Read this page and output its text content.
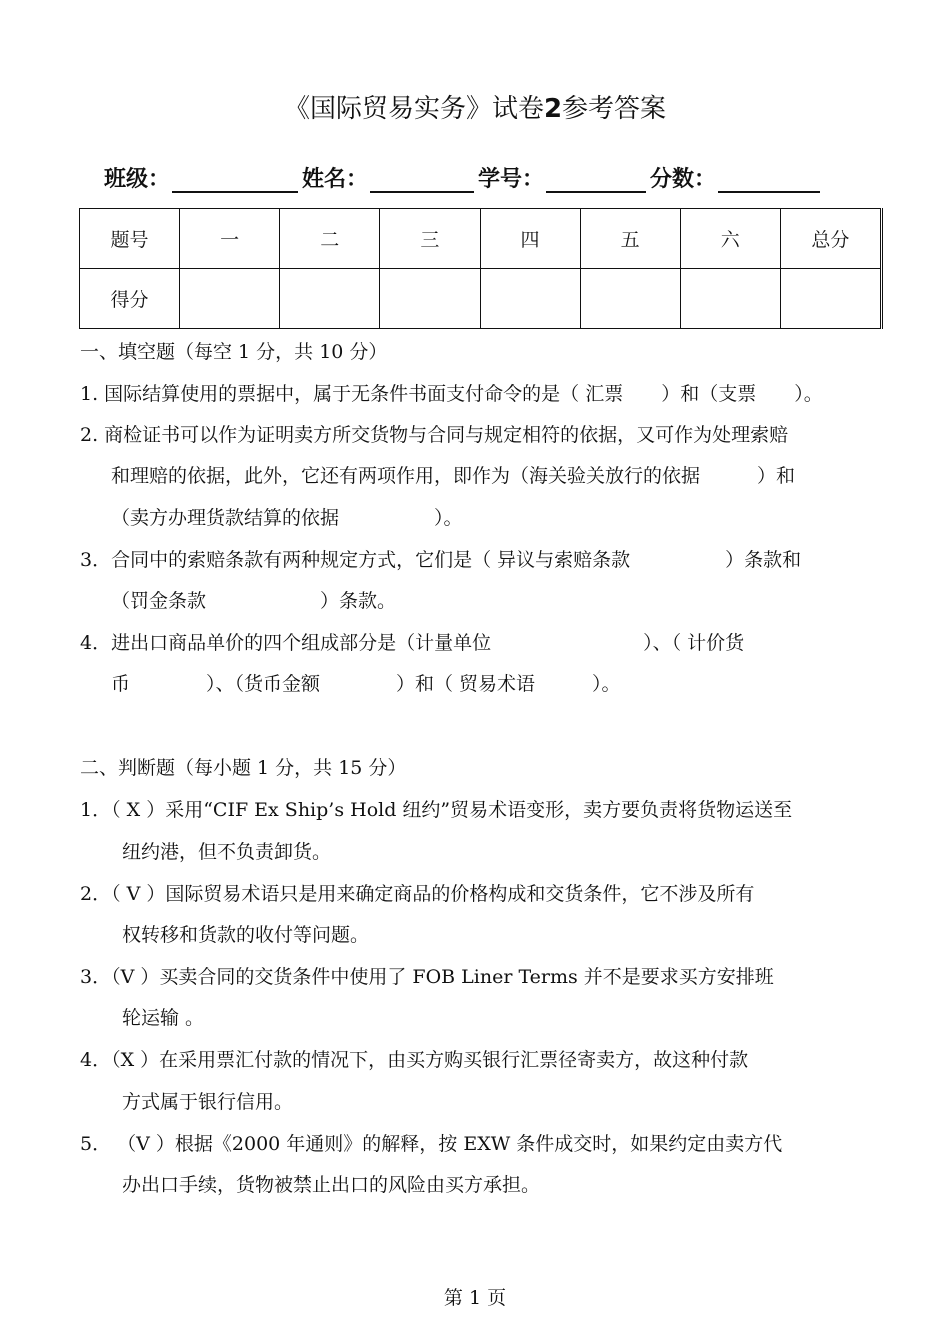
《国际贸易实务》试卷2参考答案
班级：	姓名：	学号：	分数：
题号	一	二	三	四	五	六	总分
得分							
一、填空题（每空 1 分，共 10 分）
1. 国际结算使用的票据中，属于无条件书面支付命令的是（ 汇票　　）和（支票　　）。
2. 商检证书可以作为证明卖方所交货物与合同与规定相符的依据，又可作为处理索赔
和理赔的依据，此外，它还有两项作用，即作为（海关验关放行的依据　　　）和
（卖方办理货款结算的依据　　　　　）。
3．合同中的索赔条款有两种规定方式，它们是（ 异议与索赔条款　　　　　）条款和
（罚金条款　　　　　　）条款。
4．进出口商品单价的四个组成部分是（计量单位　　　　　　　　）、（ 计价货
币　　　　）、（货币金额　　　　）和（ 贸易术语　　　）。
二、判断题（每小题 1 分，共 15 分）
1．（ X ）采用“CIF Ex Ship’s Hold 纽约”贸易术语变形，卖方要负责将货物运送至
纽约港，但不负责卸货。
2．（ V ）国际贸易术语只是用来确定商品的价格构成和交货条件，它不涉及所有
权转移和货款的收付等问题。
3．（V ）买卖合同的交货条件中使用了 FOB Liner Terms 并不是要求买方安排班
轮运输 。
4．（X ）在采用票汇付款的情况下，由买方购买银行汇票径寄卖方，故这种付款
方式属于银行信用。
5． （V ）根据《2000 年通则》的解释，按 EXW 条件成交时，如果约定由卖方代
办出口手续，货物被禁止出口的风险由买方承担。
第 1 页
